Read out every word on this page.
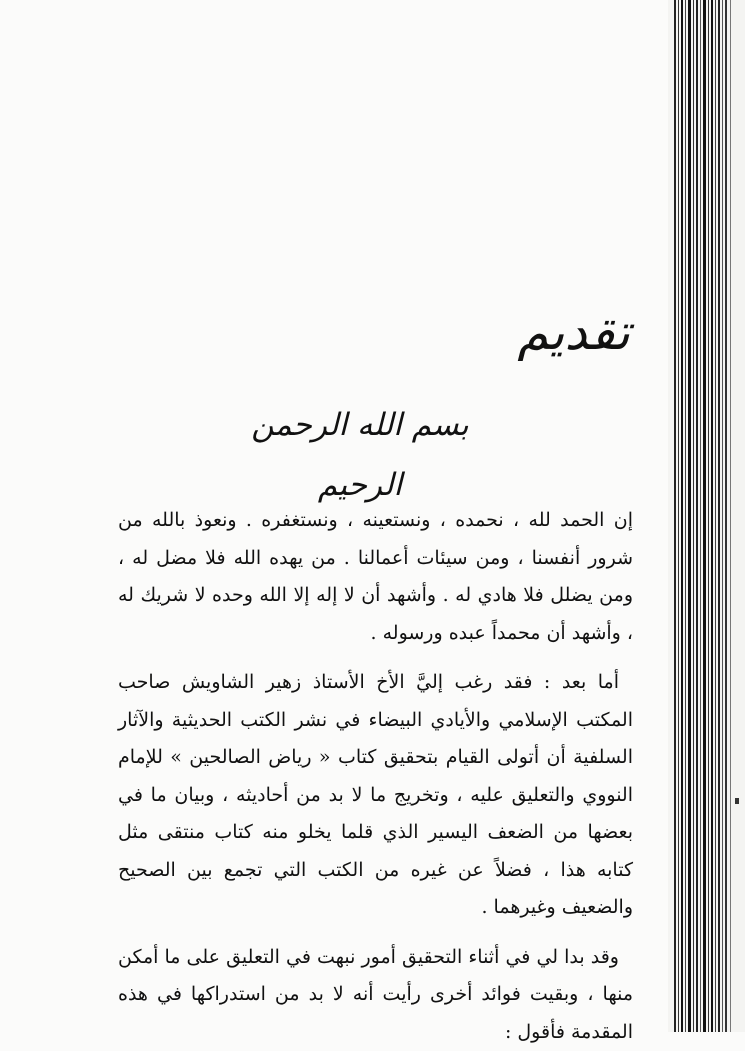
تقديم
بسم الله الرحمن الرحيم

إن الحمد لله ، نحمده ، ونستعينه ، ونستغفره . ونعوذ بالله من شرور أنفسنا ، ومن سيئات أعمالنا . من يهده الله فلا مضل له ، ومن يضلل فلا هادي له . وأشهد أن لا إله إلا الله وحده لا شريك له ، وأشهد أن محمداً عبده ورسوله .

أما بعد : فقد رغب إليَّ الأخ الأستاذ زهير الشاويش صاحب المكتب الإسلامي والأيادي البيضاء في نشر الكتب الحديثية والآثار السلفية أن أتولى القيام بتحقيق كتاب « رياض الصالحين » للإمام النووي والتعليق عليه ، وتخريج ما لا بد من أحاديثه ، وبيان ما في بعضها من الضعف اليسير الذي قلما يخلو منه كتاب منتقى مثل كتابه هذا ، فضلاً عن غيره من الكتب التي تجمع بين الصحيح والضعيف وغيرهما .

وقد بدا لي في أثناء التحقيق أمور نبهت في التعليق على ما أمكن منها ، وبقيت فوائد أخرى رأيت أنه لا بد من استدراكها في هذه المقدمة فأقول :
